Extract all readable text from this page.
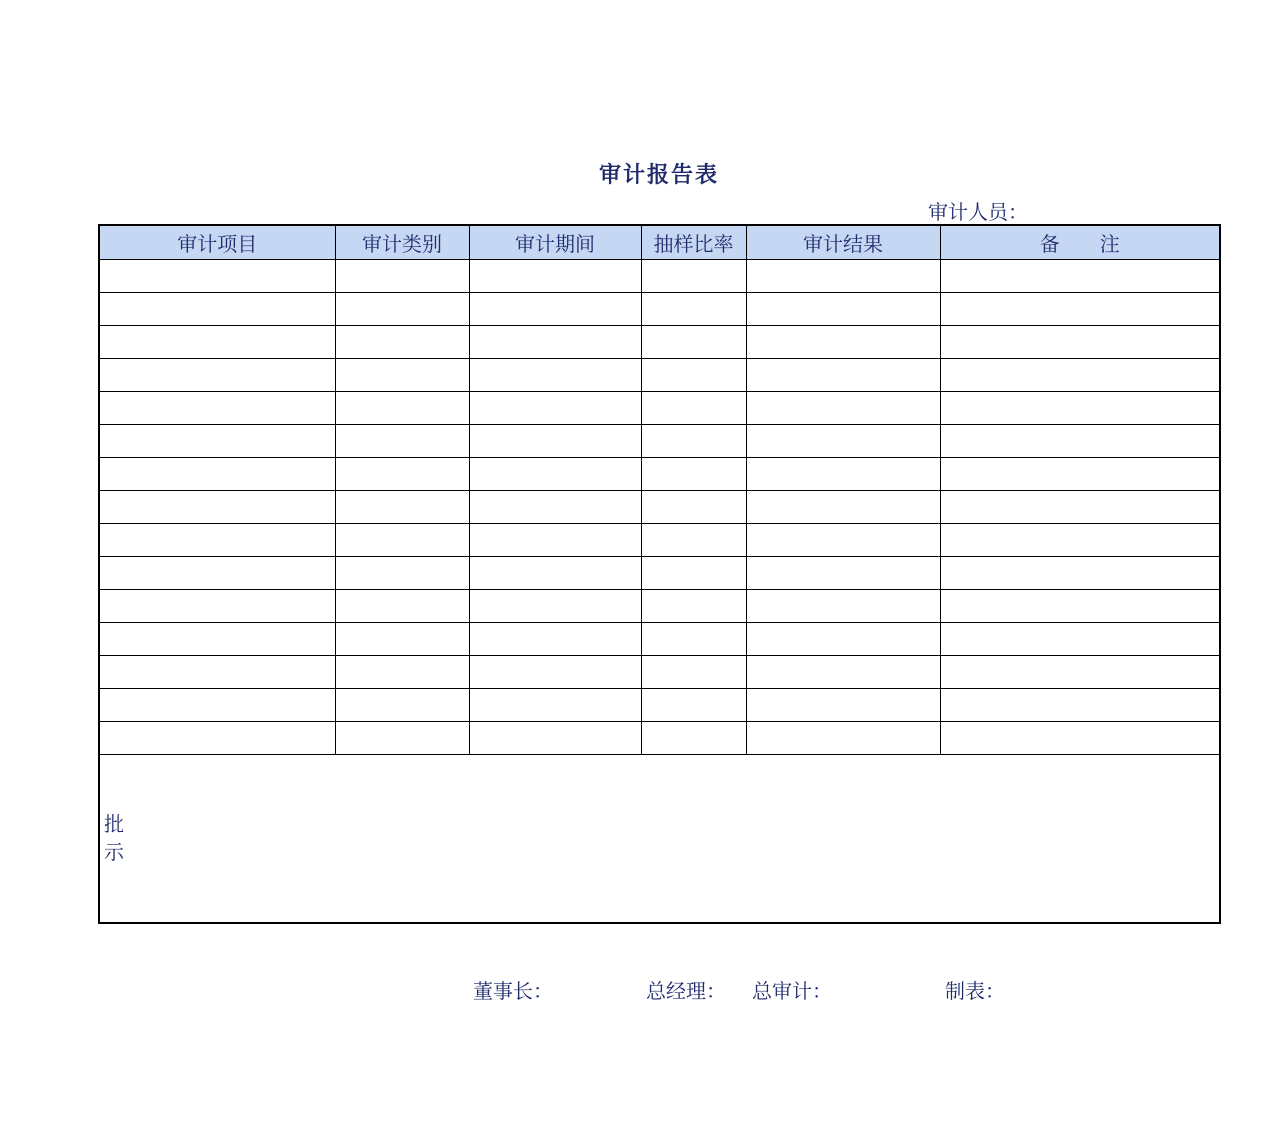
审计报告表
审计人员：
审计项目	审计类别	审计期间	抽样比率	审计结果	备　　注

批示					
董事长：	总经理： 总审计：	制表：
